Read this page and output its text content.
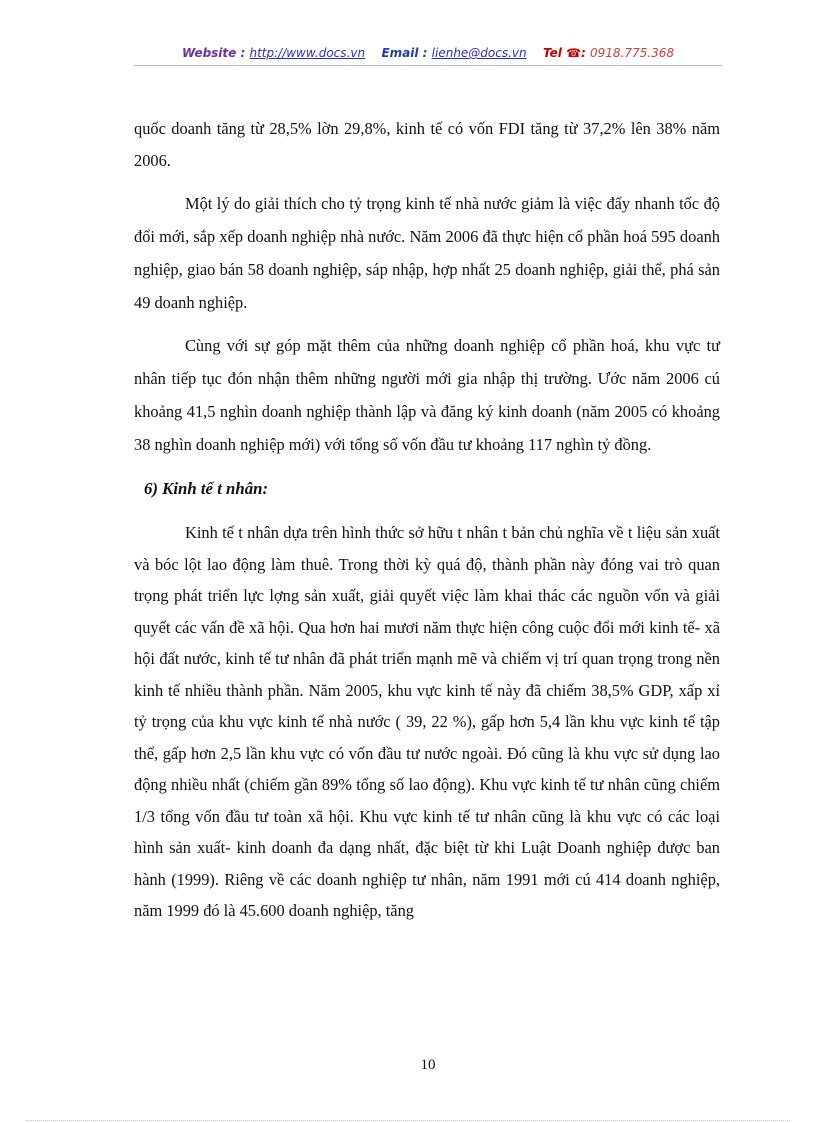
Website : http://www.docs.vn Email : lienhe@docs.vn Tel ☎: 0918.775.368

quốc doanh tăng từ 28,5% lờn 29,8%, kinh tế có vốn FDI tăng từ 37,2% lên 38% năm 2006.

Một lý do giải thích cho tỷ trọng kinh tế nhà nước giảm là việc đẩy nhanh tốc độ đổi mới, sắp xếp doanh nghiệp nhà nước. Năm 2006 đã thực hiện cổ phần hoá 595 doanh nghiệp, giao bán 58 doanh nghiệp, sáp nhập, hợp nhất 25 doanh nghiệp, giải thể, phá sản 49 doanh nghiệp.

Cùng với sự góp mặt thêm của những doanh nghiệp cổ phần hoá, khu vực tư nhân tiếp tục đón nhận thêm những người mới gia nhập thị trường. Ước năm 2006 cú khoảng 41,5 nghìn doanh nghiệp thành lập và đăng ký kinh doanh (năm 2005 có khoảng 38 nghìn doanh nghiệp mới) với tổng số vốn đầu tư khoảng 117 nghìn tỷ đồng.

6) Kinh tế t nhân:

Kinh tế t nhân dựa trên hình thức sở hữu t nhân t bản chủ nghĩa về t liệu sản xuất và bóc lột lao động làm thuê. Trong thời kỳ quá độ, thành phần này đóng vai trò quan trọng phát triển lực lợng sản xuất, giải quyết việc làm khai thác các nguồn vốn và giải quyết các vấn đề xã hội. Qua hơn hai mươi năm thực hiện công cuộc đổi mới kinh tế- xã hội đất nước, kinh tế tư nhân đã phát triển mạnh mẽ và chiếm vị trí quan trọng trong nền kinh tế nhiều thành phần. Năm 2005, khu vực kinh tế này đã chiếm 38,5% GDP, xấp xỉ tỷ trọng của khu vực kinh tế nhà nước ( 39, 22 %), gấp hơn 5,4 lần khu vực kinh tế tập thể, gấp hơn 2,5 lần khu vực có vốn đầu tư nước ngoài. Đó cũng là khu vực sử dụng lao động nhiều nhất (chiếm gần 89% tổng số lao động). Khu vực kinh tế tư nhân cũng chiếm 1/3 tổng vốn đầu tư toàn xã hội. Khu vực kinh tế tư nhân cũng là khu vực có các loại hình sản xuất- kinh doanh đa dạng nhất, đặc biệt từ khi Luật Doanh nghiệp được ban hành (1999). Riêng về các doanh nghiệp tư nhân, năm 1991 mới cú 414 doanh nghiệp, năm 1999 đó là 45.600 doanh nghiệp, tăng

10
